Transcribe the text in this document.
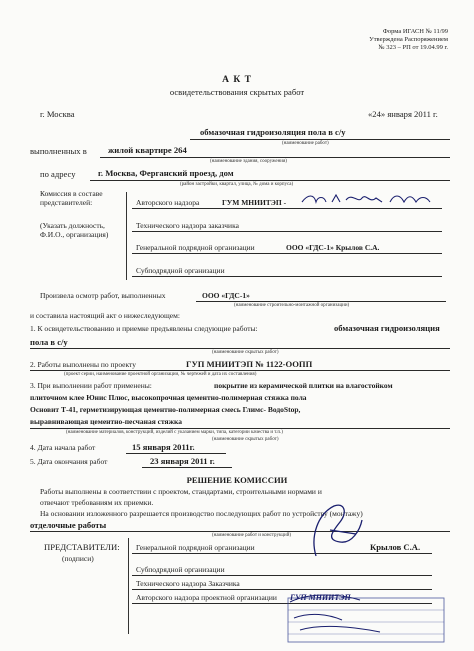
Форма ИГАСН № 11/99
Утверждена Распоряжением
№ 323 – РП от 19.04.99 г.
А К Т
освидетельствования скрытых работ
г. Москва	«24» января 2011 г.
обмазочная гидроизоляция пола в с/у
(наименование работ)
выполненных в жилой квартире 264
(наименование здания, сооружения)
по адресу	г. Москва, Ферганский проезд, дом
(район застройки, квартал, улица, № дома и корпуса)
Комиссия в составе представителей:
(Указать должность, Ф.И.О., организация)
Авторского надзора	ГУМ МНИИТЭП -
Технического надзора заказчика
Генеральной подрядной организации	ООО «ГДС-1» Крылов С.А.
Субподрядной организации
Произвела осмотр работ, выполненных	ООО «ГДС-1»
(наименование строительно-монтажной организации)
и составила настоящий акт о нижеследующем:
1. К освидетельствованию и приемке предъявлены следующие работы:	обмазочная гидроизоляция
пола в с/у
(наименование скрытых работ)
2. Работы выполнены по проекту	ГУП МНИИТЭП № 1122-ООПП
(проект серии, наименование проектной организации, № чертежей и дата их составления)
3. При выполнении работ применены:	покрытие из керамической плитки на влагостойком
плиточном клее Юнис Плюс, высокопрочная цементно-полимерная стяжка пола
Основит Т-41, герметизирующая цементно-полимерная смесь Глимс- ВодоStop,
выравнивающая цементно-песчаная стяжка
(наименование материалов, конструкций, изделий с указанием марки, типа, категории качества и т.п.)
(наименование скрытых работ)
4. Дата начала работ	15 января 2011г.
5. Дата окончания работ	23 января 2011 г.
РЕШЕНИЕ КОМИССИИ
Работы выполнены в соответствии с проектом, стандартами, строительными нормами и
отвечают требованиям их приемки.
На основании изложенного разрешается производство последующих работ по устройству (монтажу)
отделочные работы
(наименование работ и конструкций)
ПРЕДСТАВИТЕЛИ:
(подписи)
Генеральной подрядной организации	Крылов С.А.
Субподрядной организации
Технического надзора Заказчика
Авторского надзора проектной организации ГУП МНИИТЭП
